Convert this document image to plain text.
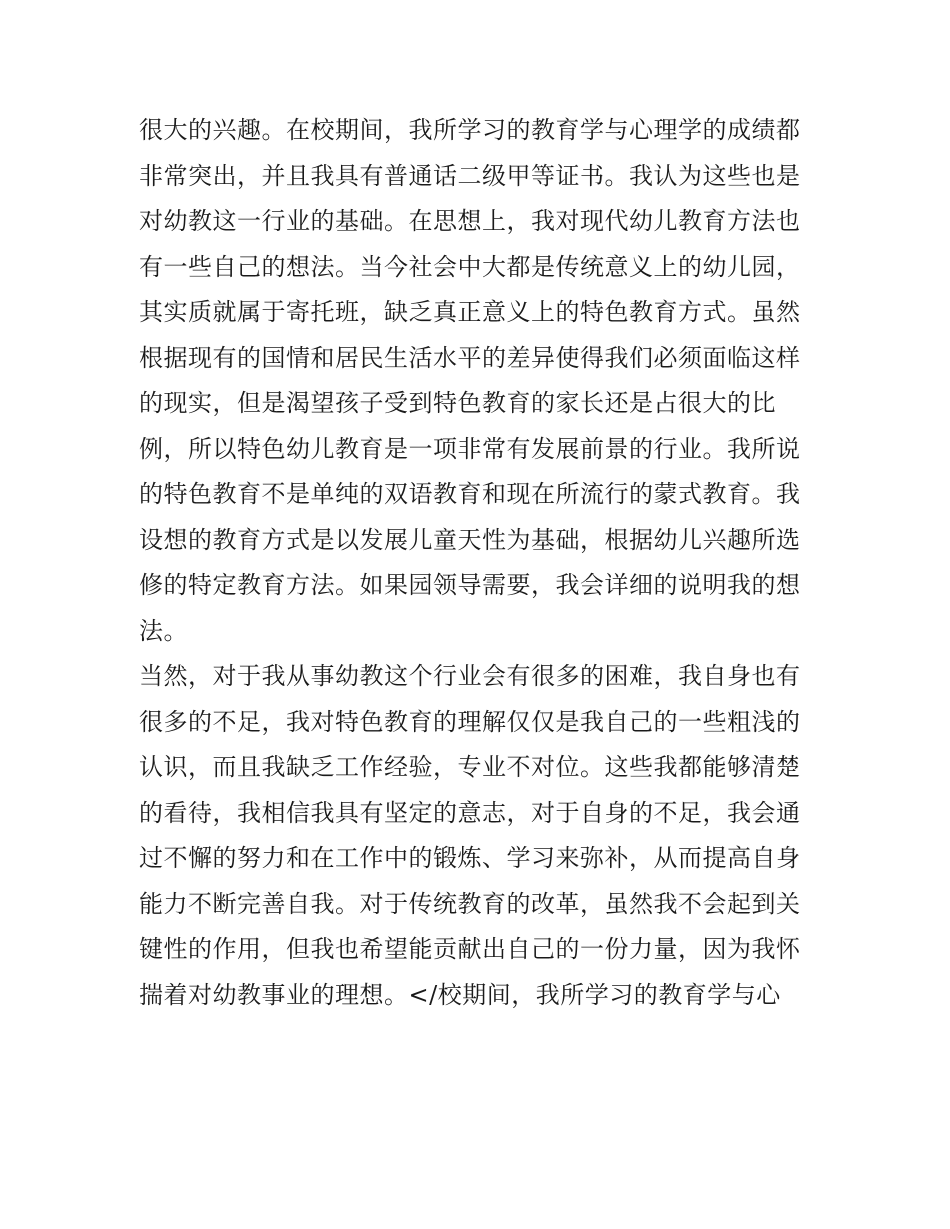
很大的兴趣。在校期间，我所学习的教育学与心理学的成绩都
非常突出，并且我具有普通话二级甲等证书。我认为这些也是
对幼教这一行业的基础。在思想上，我对现代幼儿教育方法也
有一些自己的想法。当今社会中大都是传统意义上的幼儿园，
其实质就属于寄托班，缺乏真正意义上的特色教育方式。虽然
根据现有的国情和居民生活水平的差异使得我们必须面临这样
的现实，但是渴望孩子受到特色教育的家长还是占很大的比
例，所以特色幼儿教育是一项非常有发展前景的行业。我所说
的特色教育不是单纯的双语教育和现在所流行的蒙式教育。我
设想的教育方式是以发展儿童天性为基础，根据幼儿兴趣所选
修的特定教育方法。如果园领导需要，我会详细的说明我的想
法。
当然，对于我从事幼教这个行业会有很多的困难，我自身也有
很多的不足，我对特色教育的理解仅仅是我自己的一些粗浅的
认识，而且我缺乏工作经验，专业不对位。这些我都能够清楚
的看待，我相信我具有坚定的意志，对于自身的不足，我会通
过不懈的努力和在工作中的锻炼、学习来弥补，从而提高自身
能力不断完善自我。对于传统教育的改革，虽然我不会起到关
键性的作用，但我也希望能贡献出自己的一份力量，因为我怀
揣着对幼教事业的理想。</校期间，我所学习的教育学与心
